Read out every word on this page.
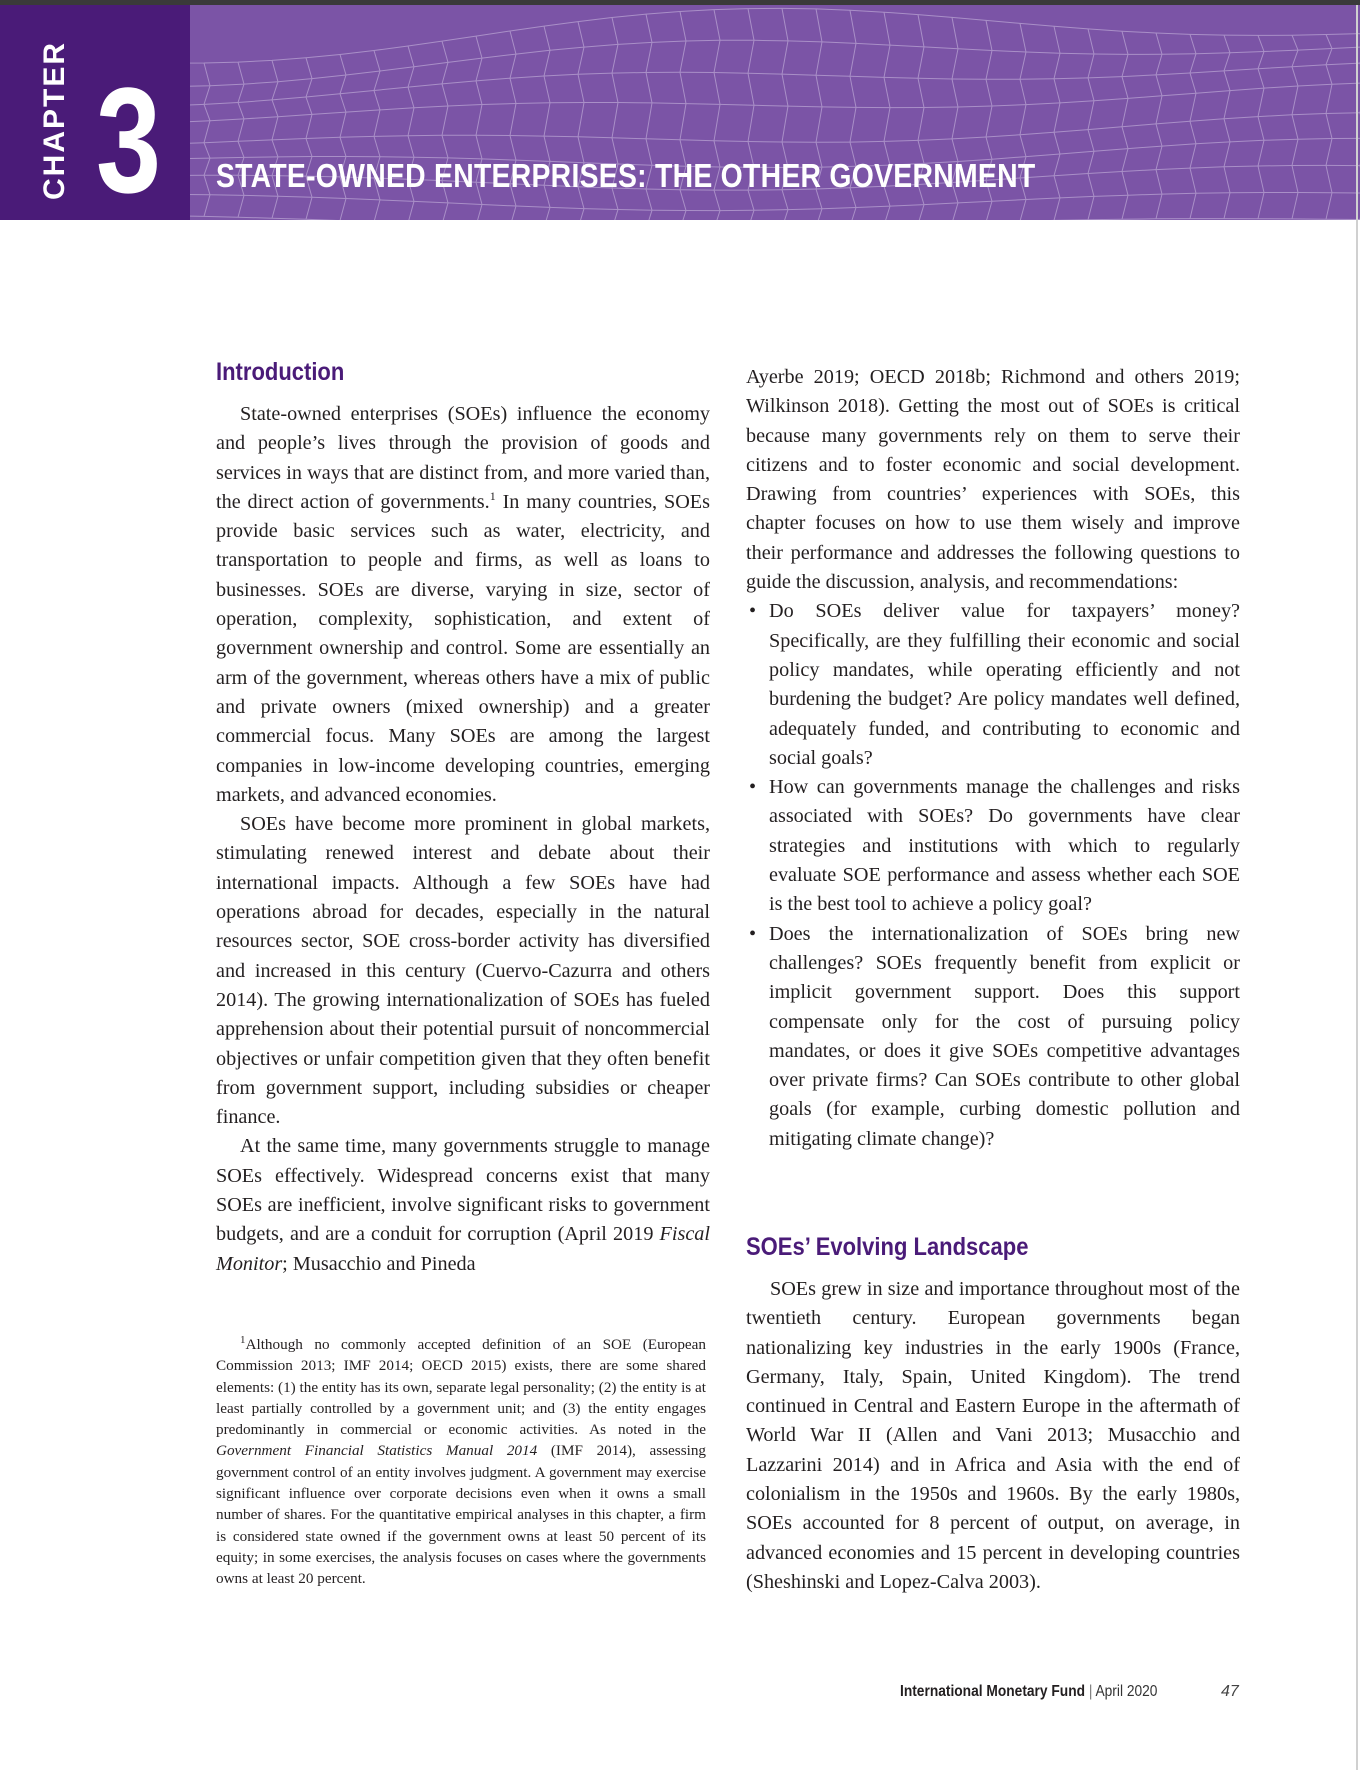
CHAPTER 3 STATE-OWNED ENTERPRISES: THE OTHER GOVERNMENT
Introduction

State-owned enterprises (SOEs) influence the economy and people’s lives through the provision of goods and services in ways that are distinct from, and more varied than, the direct action of governments.$^1$ In many countries, SOEs provide basic services such as water, electricity, and transportation to people and firms, as well as loans to businesses. SOEs are diverse, varying in size, sector of operation, complexity, sophistication, and extent of government ownership and control. Some are essentially an arm of the government, whereas others have a mix of public and private owners (mixed ownership) and a greater commercial focus. Many SOEs are among the largest companies in low-income developing countries, emerging markets, and advanced economies.

SOEs have become more prominent in global markets, stimulating renewed interest and debate about their international impacts. Although a few SOEs have had operations abroad for decades, especially in the natural resources sector, SOE cross-border activity has diversified and increased in this century (Cuervo-Cazurra and others 2014). The growing internationalization of SOEs has fueled apprehension about their potential pursuit of noncommercial objectives or unfair competition given that they often benefit from government support, including subsidies or cheaper finance.

At the same time, many governments struggle to manage SOEs effectively. Widespread concerns exist that many SOEs are inefficient, involve significant risks to government budgets, and are a conduit for corruption (April 2019 Fiscal Monitor; Musacchio and Pineda

$^1$Although no commonly accepted definition of an SOE (European Commission 2013; IMF 2014; OECD 2015) exists, there are some shared elements: (1) the entity has its own, separate legal personality; (2) the entity is at least partially controlled by a government unit; and (3) the entity engages predominantly in commercial or economic activities. As noted in the Government Financial Statistics Manual 2014 (IMF 2014), assessing government control of an entity involves judgment. A government may exercise significant influence over corporate decisions even when it owns a small number of shares. For the quantitative empirical analyses in this chapter, a firm is considered state owned if the government owns at least 50 percent of its equity; in some exercises, the analysis focuses on cases where the governments owns at least 20 percent.

Ayerbe 2019; OECD 2018b; Richmond and others 2019; Wilkinson 2018). Getting the most out of SOEs is critical because many governments rely on them to serve their citizens and to foster economic and social development. Drawing from countries’ experiences with SOEs, this chapter focuses on how to use them wisely and improve their performance and addresses the following questions to guide the discussion, analysis, and recommendations:

• Do SOEs deliver value for taxpayers’ money? Specifically, are they fulfilling their economic and social policy mandates, while operating efficiently and not burdening the budget? Are policy mandates well defined, adequately funded, and contributing to economic and social goals?
• How can governments manage the challenges and risks associated with SOEs? Do governments have clear strategies and institutions with which to regularly evaluate SOE performance and assess whether each SOE is the best tool to achieve a policy goal?
• Does the internationalization of SOEs bring new challenges? SOEs frequently benefit from explicit or implicit government support. Does this support compensate only for the cost of pursuing policy mandates, or does it give SOEs competitive advantages over private firms? Can SOEs contribute to other global goals (for example, curbing domestic pollution and mitigating climate change)?
SOEs’ Evolving Landscape

SOEs grew in size and importance throughout most of the twentieth century. European governments began nationalizing key industries in the early 1900s (France, Germany, Italy, Spain, United Kingdom). The trend continued in Central and Eastern Europe in the aftermath of World War II (Allen and Vani 2013; Musacchio and Lazzarini 2014) and in Africa and Asia with the end of colonialism in the 1950s and 1960s. By the early 1980s, SOEs accounted for 8 percent of output, on average, in advanced economies and 15 percent in developing countries (Sheshinski and Lopez-Calva 2003).

International Monetary Fund | April 2020	47
